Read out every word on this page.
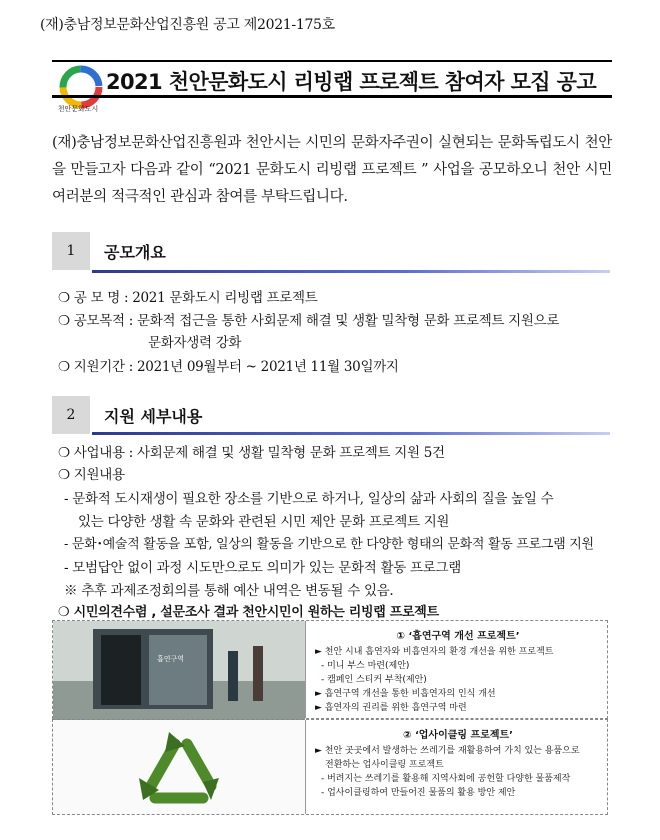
(재)충남정보문화산업진흥원 공고 제2021-175호
천안문화도시
2021 천안문화도시 리빙랩 프로젝트 참여자 모집 공고
(재)충남정보문화산업진흥원과 천안시는 시민의 문화자주권이 실현되는 문화독립도시 천안을 만들고자 다음과 같이 “2021 문화도시 리빙랩 프로젝트 ” 사업을 공모하오니 천안 시민 여러분의 적극적인 관심과 참여를 부탁드립니다.
1	공모개요
❍ 공 모 명 : 2021 문화도시 리빙랩 프로젝트
❍ 공모목적 : 문화적 접근을 통한 사회문제 해결 및 생활 밀착형 문화 프로젝트 지원으로
문화자생력 강화
❍ 지원기간 : 2021년 09월부터 ~ 2021년 11월 30일까지
2	지원 세부내용
❍ 사업내용 : 사회문제 해결 및 생활 밀착형 문화 프로젝트 지원 5건
❍ 지원내용
- 문화적 도시재생이 필요한 장소를 기반으로 하거나, 일상의 삶과 사회의 질을 높일 수
있는 다양한 생활 속 문화와 관련된 시민 제안 문화 프로젝트 지원
- 문화･예술적 활동을 포함, 일상의 활동을 기반으로 한 다양한 형태의 문화적 활동 프로그램 지원
- 모범답안 없이 과정 시도만으로도 의미가 있는 문화적 활동 프로그램
※ 추후 과제조정회의를 통해 예산 내역은 변동될 수 있음.
❍ 시민의견수렴 , 설문조사 결과 천안시민이 원하는 리빙랩 프로젝트
흡연구역
① ‘흡연구역 개선 프로젝트’
► 천안 시내 흡연자와 비흡연자의 환경 개선을 위한 프로젝트
- 미니 부스 마련(제안)
- 캠페인 스티커 부착(제안)
► 흡연구역 개선을 통한 비흡연자의 인식 개선
► 흡연자의 권리를 위한 흡연구역 마련
② ‘업사이클링 프로젝트’
► 천안 곳곳에서 발생하는 쓰레기를 재활용하여 가치 있는 용품으로
전환하는 업사이클링 프로젝트
- 버려지는 쓰레기를 활용해 지역사회에 공헌할 다양한 물품제작
- 업사이클링하여 만들어진 물품의 활용 방안 제안
